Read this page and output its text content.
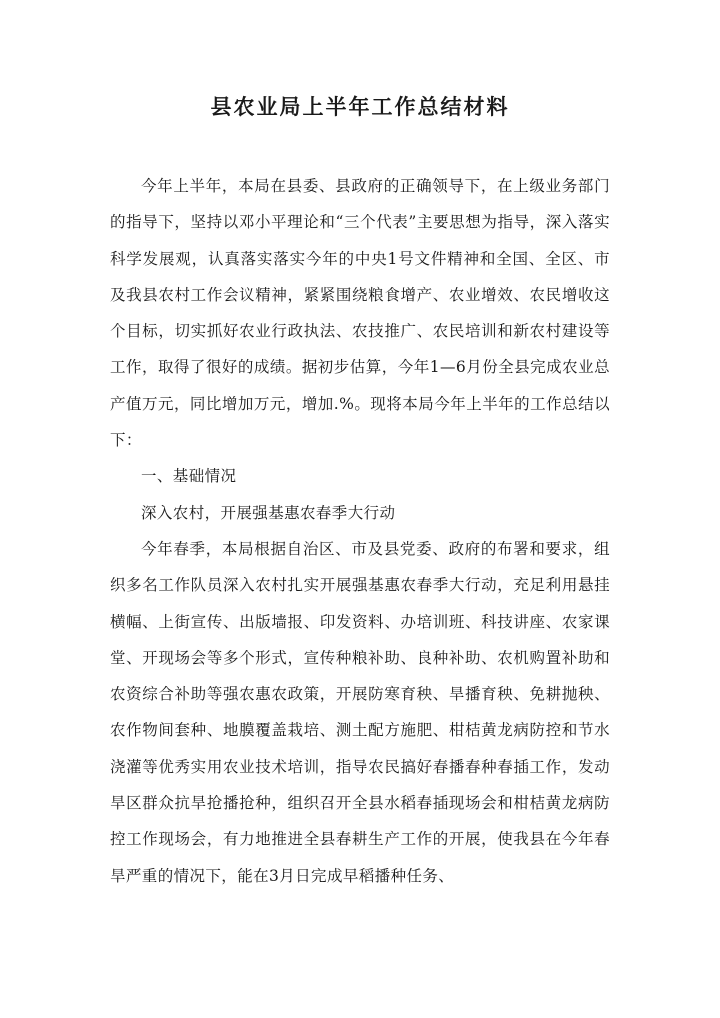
县农业局上半年工作总结材料

今年上半年，本局在县委、县政府的正确领导下，在上级业务部门的指导下，坚持以邓小平理论和“三个代表”主要思想为指导，深入落实科学发展观，认真落实落实今年的中央1号文件精神和全国、全区、市及我县农村工作会议精神，紧紧围绕粮食增产、农业增效、农民增收这个目标，切实抓好农业行政执法、农技推广、农民培训和新农村建设等工作，取得了很好的成绩。据初步估算，今年1—6月份全县完成农业总产值万元，同比增加万元，增加.%。现将本局今年上半年的工作总结以下：

一、基础情况

深入农村，开展强基惠农春季大行动

今年春季，本局根据自治区、市及县党委、政府的布署和要求，组织多名工作队员深入农村扎实开展强基惠农春季大行动，充足利用悬挂横幅、上街宣传、出版墙报、印发资料、办培训班、科技讲座、农家课堂、开现场会等多个形式，宣传种粮补助、良种补助、农机购置补助和农资综合补助等强农惠农政策，开展防寒育秧、旱播育秧、免耕抛秧、农作物间套种、地膜覆盖栽培、测土配方施肥、柑桔黄龙病防控和节水浇灌等优秀实用农业技术培训，指导农民搞好春播春种春插工作，发动旱区群众抗旱抢播抢种，组织召开全县水稻春插现场会和柑桔黄龙病防控工作现场会，有力地推进全县春耕生产工作的开展，使我县在今年春旱严重的情况下，能在3月日完成早稻播种任务、
